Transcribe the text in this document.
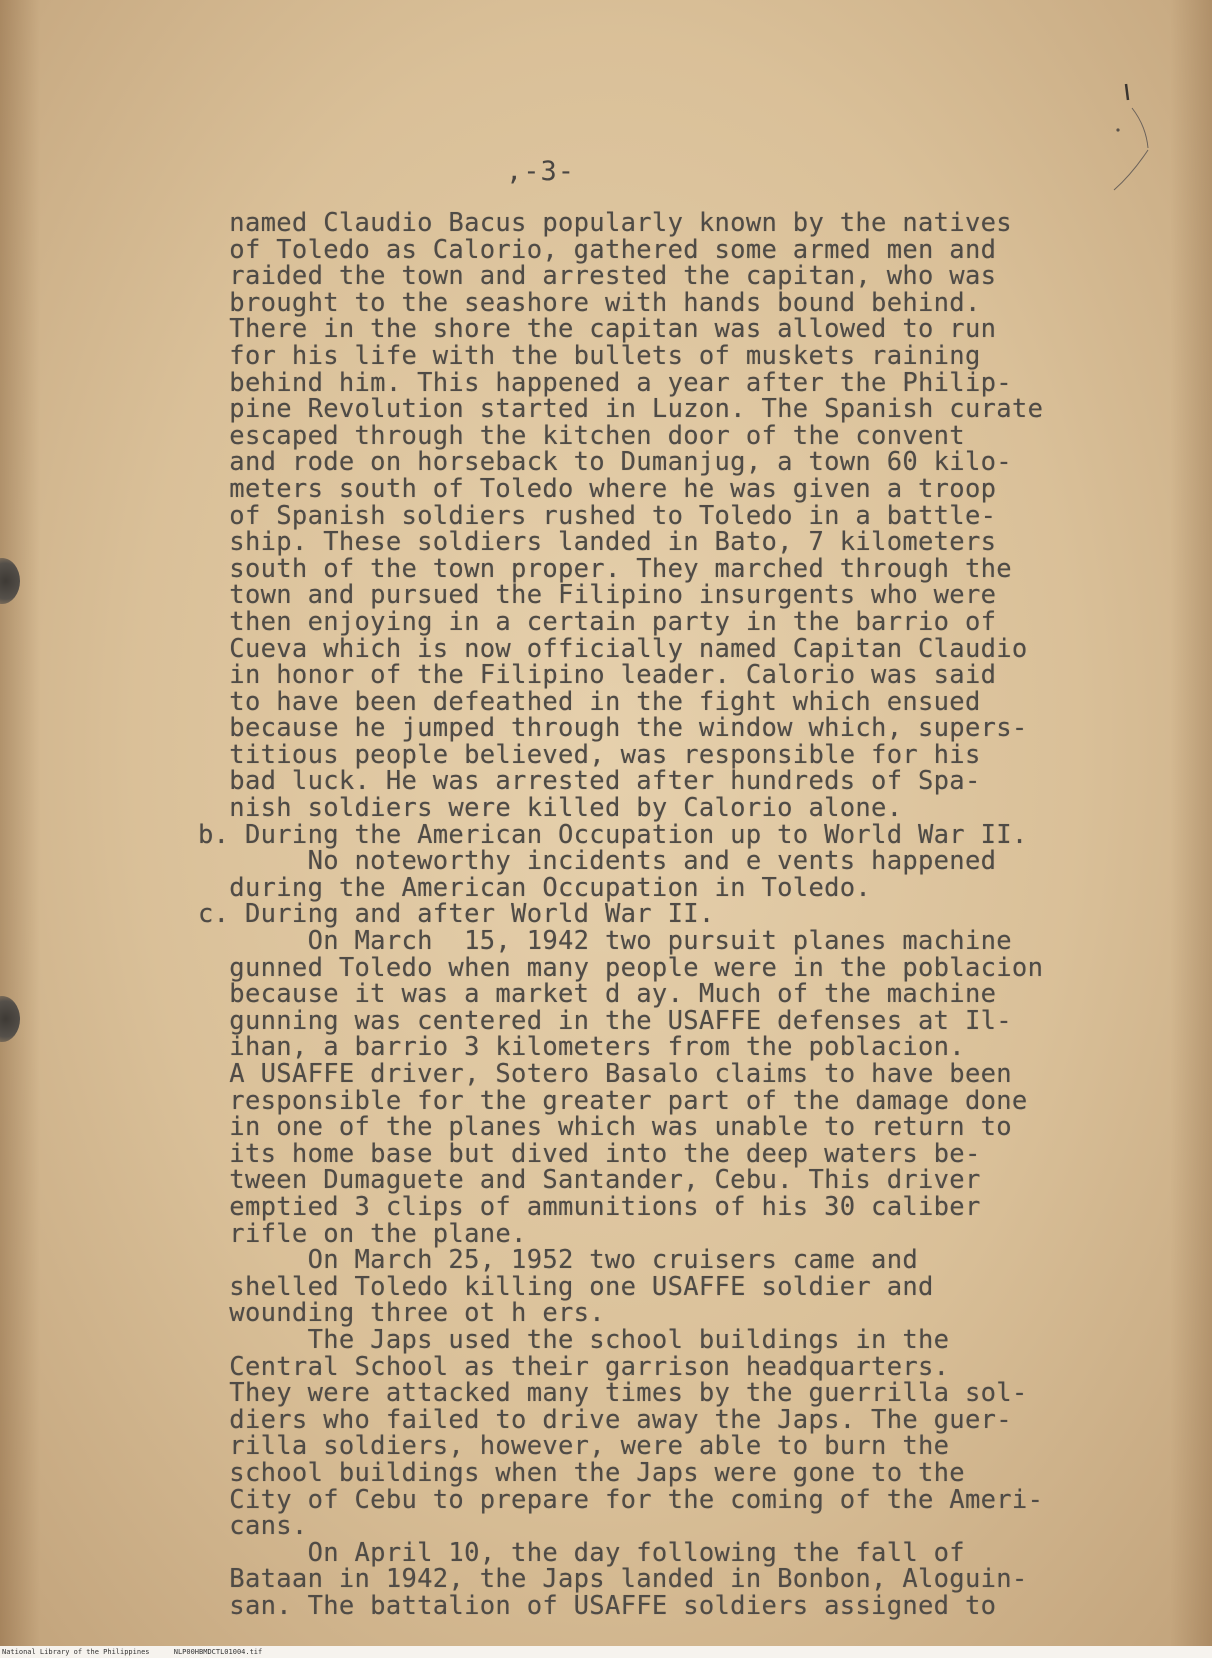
,-3-
named Claudio Bacus popularly known by the natives
of Toledo as Calorio, gathered some armed men and
raided the town and arrested the capitan, who was
brought to the seashore with hands bound behind.
There in the shore the capitan was allowed to run
for his life with the bullets of muskets raining
behind him. This happened a year after the Philip-
pine Revolution started in Luzon. The Spanish curate
escaped through the kitchen door of the convent
and rode on horseback to Dumanjug, a town 60 kilo-
meters south of Toledo where he was given a troop
of Spanish soldiers rushed to Toledo in a battle-
ship. These soldiers landed in Bato, 7 kilometers
south of the town proper. They marched through the
town and pursued the Filipino insurgents who were
then enjoying in a certain party in the barrio of
Cueva which is now officially named Capitan Claudio
in honor of the Filipino leader. Calorio was said
to have been defeathed in the fight which ensued
because he jumped through the window which, supers-
titious people believed, was responsible for his
bad luck. He was arrested after hundreds of Spa-
nish soldiers were killed by Calorio alone.
b. During the American Occupation up to World War II.
No noteworthy incidents and e vents happened
during the American Occupation in Toledo.
c. During and after World War II.
On March  15, 1942 two pursuit planes machine
gunned Toledo when many people were in the poblacion
because it was a market d ay. Much of the machine
gunning was centered in the USAFFE defenses at Il-
ihan, a barrio 3 kilometers from the poblacion.
A USAFFE driver, Sotero Basalo claims to have been
responsible for the greater part of the damage done
in one of the planes which was unable to return to
its home base but dived into the deep waters be-
tween Dumaguete and Santander, Cebu. This driver
emptied 3 clips of ammunitions of his 30 caliber
rifle on the plane.
On March 25, 1952 two cruisers came and
shelled Toledo killing one USAFFE soldier and
wounding three ot h ers.
The Japs used the school buildings in the
Central School as their garrison headquarters.
They were attacked many times by the guerrilla sol-
diers who failed to drive away the Japs. The guer-
rilla soldiers, however, were able to burn the
school buildings when the Japs were gone to the
City of Cebu to prepare for the coming of the Ameri-
cans.
On April 10, the day following the fall of
Bataan in 1942, the Japs landed in Bonbon, Aloguin-
san. The battalion of USAFFE soldiers assigned to

National Library of the Philippines	NLP00HBMDCTL01004.tif
